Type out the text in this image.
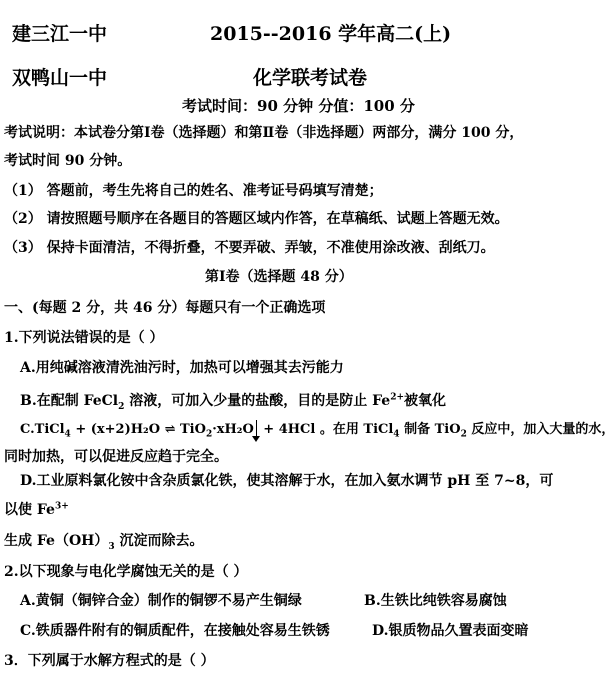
建三江一中	2015--2016 学年高二(上)
双鸭山一中	化学联考试卷
考试时间：90 分钟 分值：100 分
考试说明：本试卷分第Ⅰ卷（选择题）和第Ⅱ卷（非选择题）两部分，满分 100 分，
考试时间 90 分钟。
（1） 答题前，考生先将自己的姓名、准考证号码填写清楚；
（2） 请按照题号顺序在各题目的答题区域内作答，在草稿纸、试题上答题无效。
（3） 保持卡面清洁，不得折叠，不要弄破、弄皱，不准使用涂改液、刮纸刀。
第Ⅰ卷（选择题 48 分）
一、(每题 2 分，共 46 分）每题只有一个正确选项
1.下列说法错误的是（ ）
A.用纯碱溶液清洗油污时，加热可以增强其去污能力
B.在配制 FeCl$_2$ 溶液，可加入少量的盐酸，目的是防止 $Fe^{2+}$被氧化
C.TiCl$_4$ + (x+2)H₂O ⇌ TiO$_2$·xH₂O + 4HCl 。在用 TiCl$_4$ 制备 TiO$_2$ 反应中，加入大量的水，
同时加热，可以促进反应趋于完全。
D.工业原料氯化铵中含杂质氯化铁，使其溶解于水，在加入氨水调节 pH 至 7~8，可
以使 $Fe^{3+}$
生成 $Fe(OH)_3$ 沉淀而除去。
2.以下现象与电化学腐蚀无关的是（ ）
A.黄铜（铜锌合金）制作的铜锣不易产生铜绿	B.生铁比纯铁容易腐蚀
C.铁质器件附有的铜质配件，在接触处容易生铁锈	D.银质物品久置表面变暗
3．下列属于水解方程式的是（ ）
